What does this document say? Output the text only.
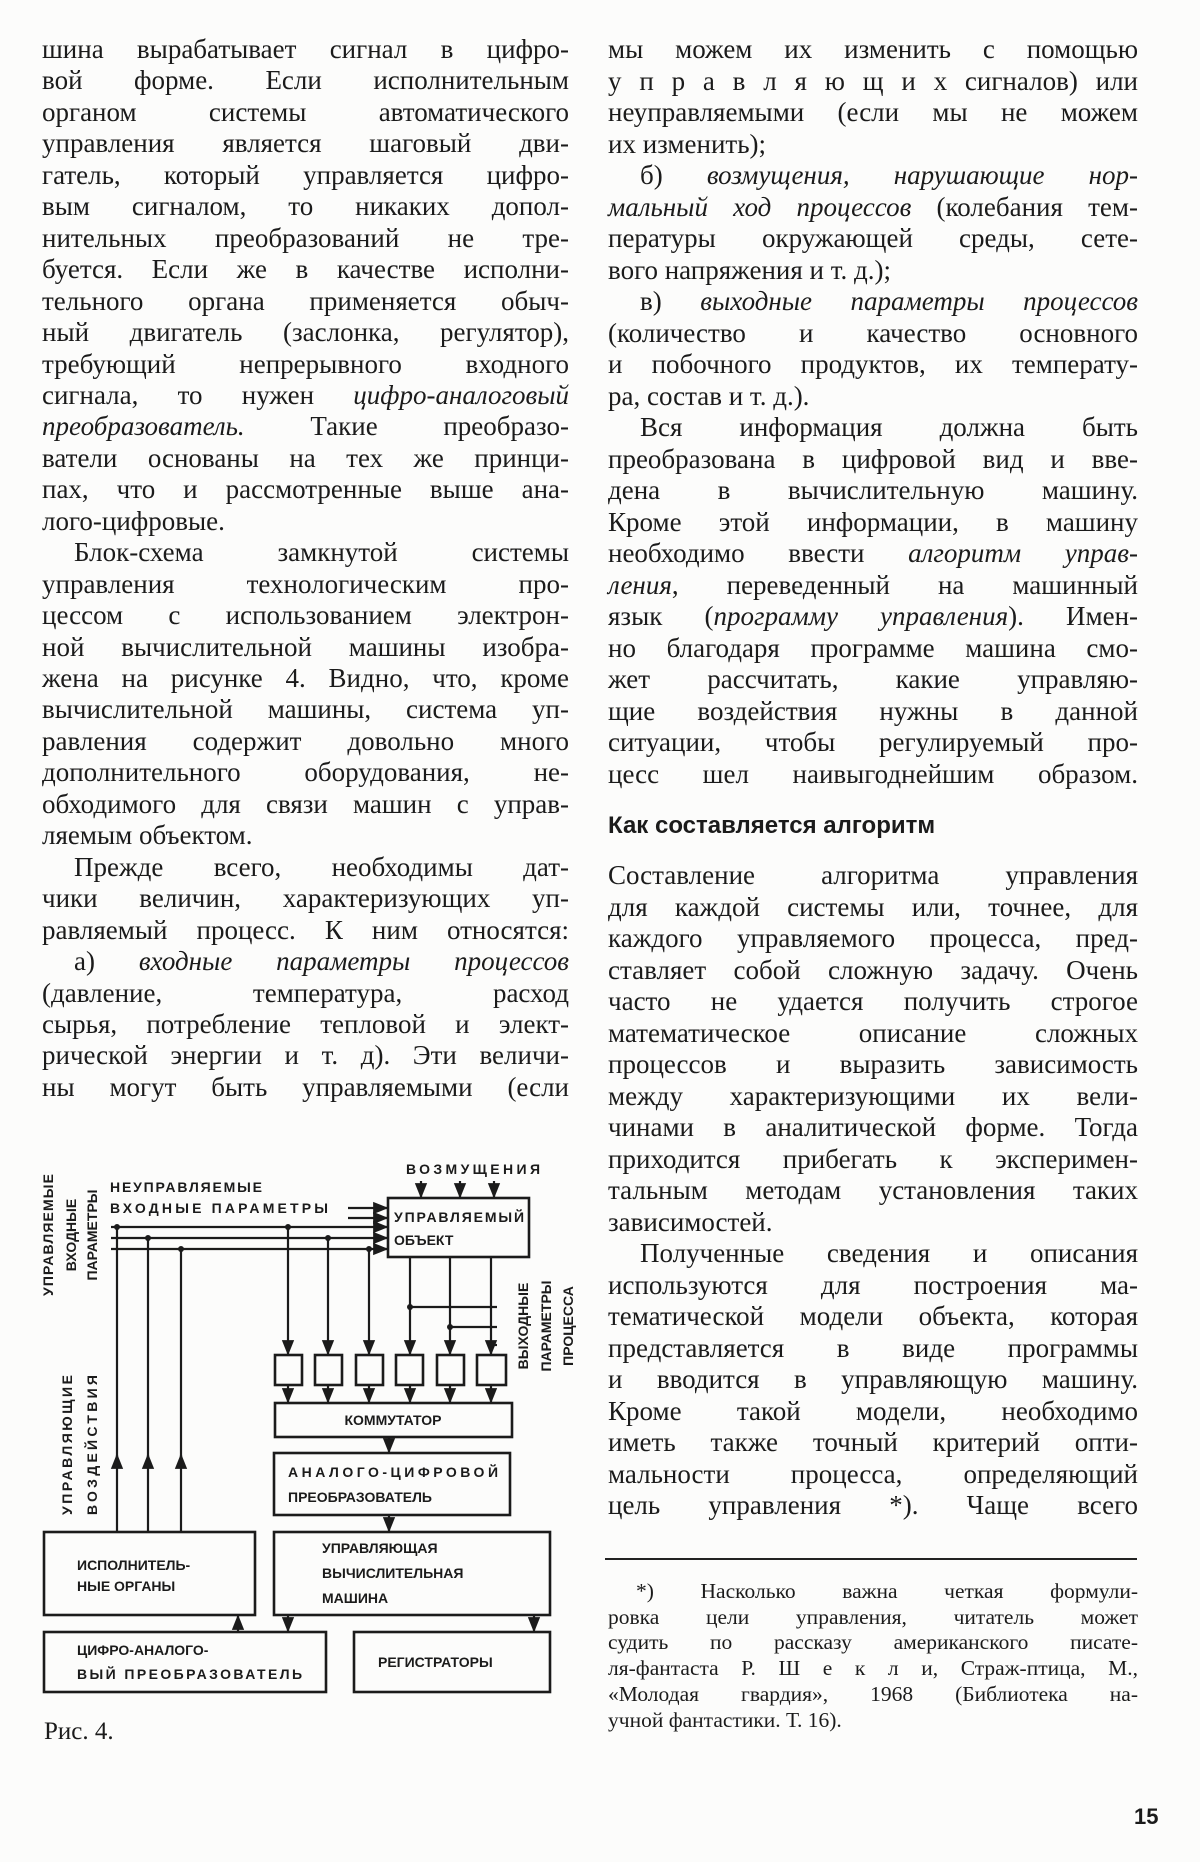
шина вырабатывает сигнал в цифро-
вой форме. Если исполнительным
органом системы автоматического
управления является шаговый дви-
гатель, который управляется цифро-
вым сигналом, то никаких допол-
нительных преобразований не тре-
буется. Если же в качестве исполни-
тельного органа применяется обыч-
ный двигатель (заслонка, регулятор),
требующий непрерывного входного
сигнала, то нужен цифро-аналоговый
преобразователь. Такие преобразо-
ватели основаны на тех же принци-
пах, что и рассмотренные выше ана-
лого-цифровые.
Блок-схема замкнутой системы
управления технологическим про-
цессом с использованием электрон-
ной вычислительной машины изобра-
жена на рисунке 4. Видно, что, кроме
вычислительной машины, система уп-
равления содержит довольно много
дополнительного оборудования, не-
обходимого для связи машин с управ-
ляемым объектом.
Прежде всего, необходимы дат-
чики величин, характеризующих уп-
равляемый процесс. К ним относятся:
а) входные параметры процессов
(давление, температура, расход
сырья, потребление тепловой и элект-
рической энергии и т. д). Эти величи-
ны могут быть управляемыми (если
мы можем их изменить с помощью
у п р а в л я ю щ и х сигналов) или
неуправляемыми (если мы не можем
их изменить);
б) возмущения, нарушающие нор-
мальный ход процессов (колебания тем-
пературы окружающей среды, сете-
вого напряжения и т. д.);
в) выходные параметры процессов
(количество и качество основного
и побочного продуктов, их температу-
ра, состав и т. д.).
Вся информация должна быть
преобразована в цифровой вид и вве-
дена в вычислительную машину.
Кроме этой информации, в машину
необходимо ввести алгоритм управ-
ления, переведенный на машинный
язык (программу управления). Имен-
но благодаря программе машина смо-
жет рассчитать, какие управляю-
щие воздействия нужны в данной
ситуации, чтобы регулируемый про-
цесс шел наивыгоднейшим образом.
Как составляется алгоритм
Составление алгоритма управления
для каждой системы или, точнее, для
каждого управляемого процесса, пред-
ставляет собой сложную задачу. Очень
часто не удается получить строгое
математическое описание сложных
процессов и выразить зависимость
между характеризующими их вели-
чинами в аналитической форме. Тогда
приходится прибегать к эксперимен-
тальным методам установления таких
зависимостей.
Полученные сведения и описания
используются для построения ма-
тематической модели объекта, которая
представляется в виде программы
и вводится в управляющую машину.
Кроме такой модели, необходимо
иметь также точный критерий опти-
мальности процесса, определяющий
цель управления *). Чаще всего
*) Насколько важна четкая формули-
ровка цели управления, читатель может
судить по рассказу американского писате-
ля-фантаста Р. Ш е к л и, Страж-птица, М.,
«Молодая гвардия», 1968 (Библиотека на-
учной фантастики. Т. 16).
Рис. 4.
15
ВОЗМУЩЕНИЯ
НЕУПРАВЛЯЕМЫЕ
ВХОДНЫЕ ПАРАМЕТРЫ
УПРАВЛЯЕМЫЕ
ВХОДНЫЕ ПАРАМЕТРЫ
ВЫХОДНЫЕ ПАРАМЕТРЫ ПРОЦЕССА
УПРАВЛЯЮЩИЕ
ВОЗДЕЙСТВИЯ
УПРАВЛЯЕМЫЙ
ОБЪЕКТ
КОММУТАТОР
АНАЛОГО-ЦИФРОВОЙ
ПРЕОБРАЗОВАТЕЛЬ
УПРАВЛЯЮЩАЯ
ВЫЧИСЛИТЕЛЬНАЯ
МАШИНА
ИСПОЛНИТЕЛЬ-
НЫЕ ОРГАНЫ
ЦИФРО-АНАЛОГО-
ВЫЙ ПРЕОБРАЗОВАТЕЛЬ
РЕГИСТРАТОРЫ
